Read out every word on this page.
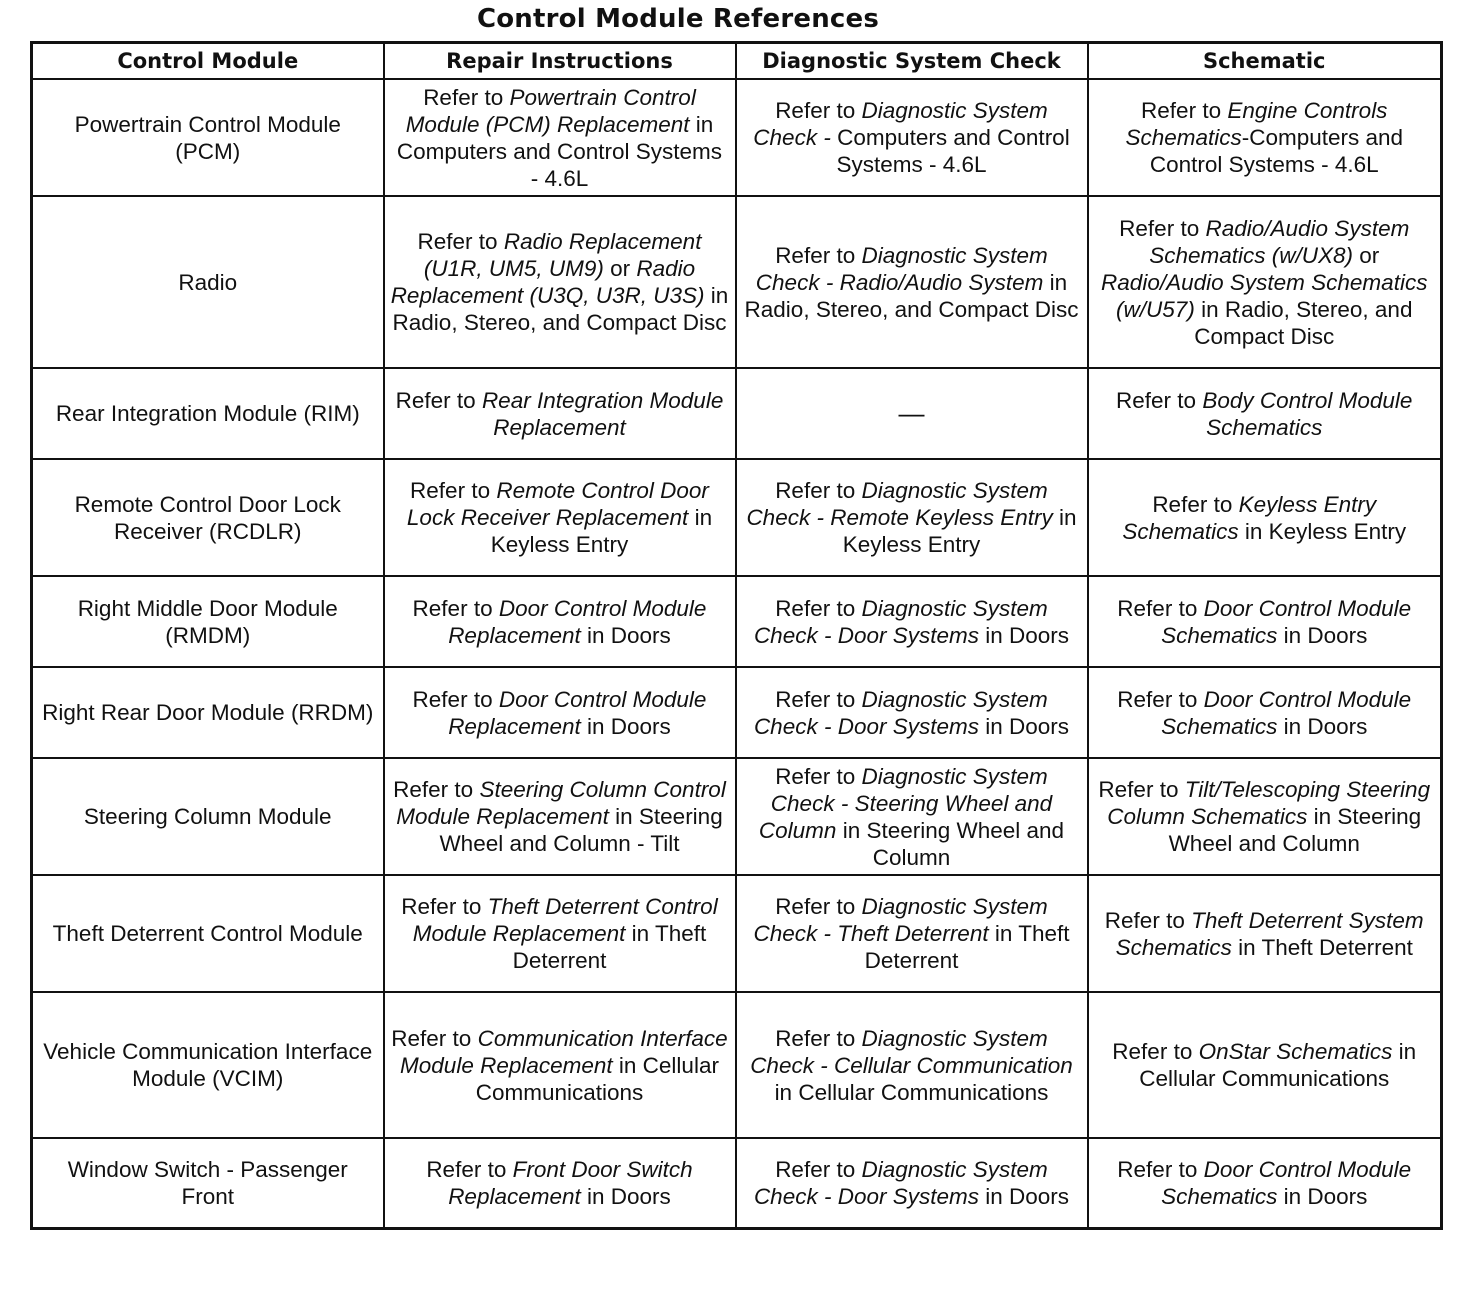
Control Module References
Control Module	Repair Instructions	Diagnostic System Check	Schematic
Powertrain Control Module (PCM)	Refer to Powertrain Control Module (PCM) Replacement in Computers and Control Systems - 4.6L	Refer to Diagnostic System Check - Computers and Control Systems - 4.6L	Refer to Engine Controls Schematics-Computers and Control Systems - 4.6L
Radio	Refer to Radio Replacement (U1R, UM5, UM9) or Radio Replacement (U3Q, U3R, U3S) in Radio, Stereo, and Compact Disc	Refer to Diagnostic System Check - Radio/Audio System in Radio, Stereo, and Compact Disc	Refer to Radio/Audio System Schematics (w/UX8) or Radio/Audio System Schematics (w/U57) in Radio, Stereo, and Compact Disc
Rear Integration Module (RIM)	Refer to Rear Integration Module Replacement	—	Refer to Body Control Module Schematics
Remote Control Door Lock Receiver (RCDLR)	Refer to Remote Control Door Lock Receiver Replacement in Keyless Entry	Refer to Diagnostic System Check - Remote Keyless Entry in Keyless Entry	Refer to Keyless Entry Schematics in Keyless Entry
Right Middle Door Module (RMDM)	Refer to Door Control Module Replacement in Doors	Refer to Diagnostic System Check - Door Systems in Doors	Refer to Door Control Module Schematics in Doors
Right Rear Door Module (RRDM)	Refer to Door Control Module Replacement in Doors	Refer to Diagnostic System Check - Door Systems in Doors	Refer to Door Control Module Schematics in Doors
Steering Column Module	Refer to Steering Column Control Module Replacement in Steering Wheel and Column - Tilt	Refer to Diagnostic System Check - Steering Wheel and Column in Steering Wheel and Column	Refer to Tilt/Telescoping Steering Column Schematics in Steering Wheel and Column
Theft Deterrent Control Module	Refer to Theft Deterrent Control Module Replacement in Theft Deterrent	Refer to Diagnostic System Check - Theft Deterrent in Theft Deterrent	Refer to Theft Deterrent System Schematics in Theft Deterrent
Vehicle Communication Interface Module (VCIM)	Refer to Communication Interface Module Replacement in Cellular Communications	Refer to Diagnostic System Check - Cellular Communication in Cellular Communications	Refer to OnStar Schematics in Cellular Communications
Window Switch - Passenger Front	Refer to Front Door Switch Replacement in Doors	Refer to Diagnostic System Check - Door Systems in Doors	Refer to Door Control Module Schematics in Doors
